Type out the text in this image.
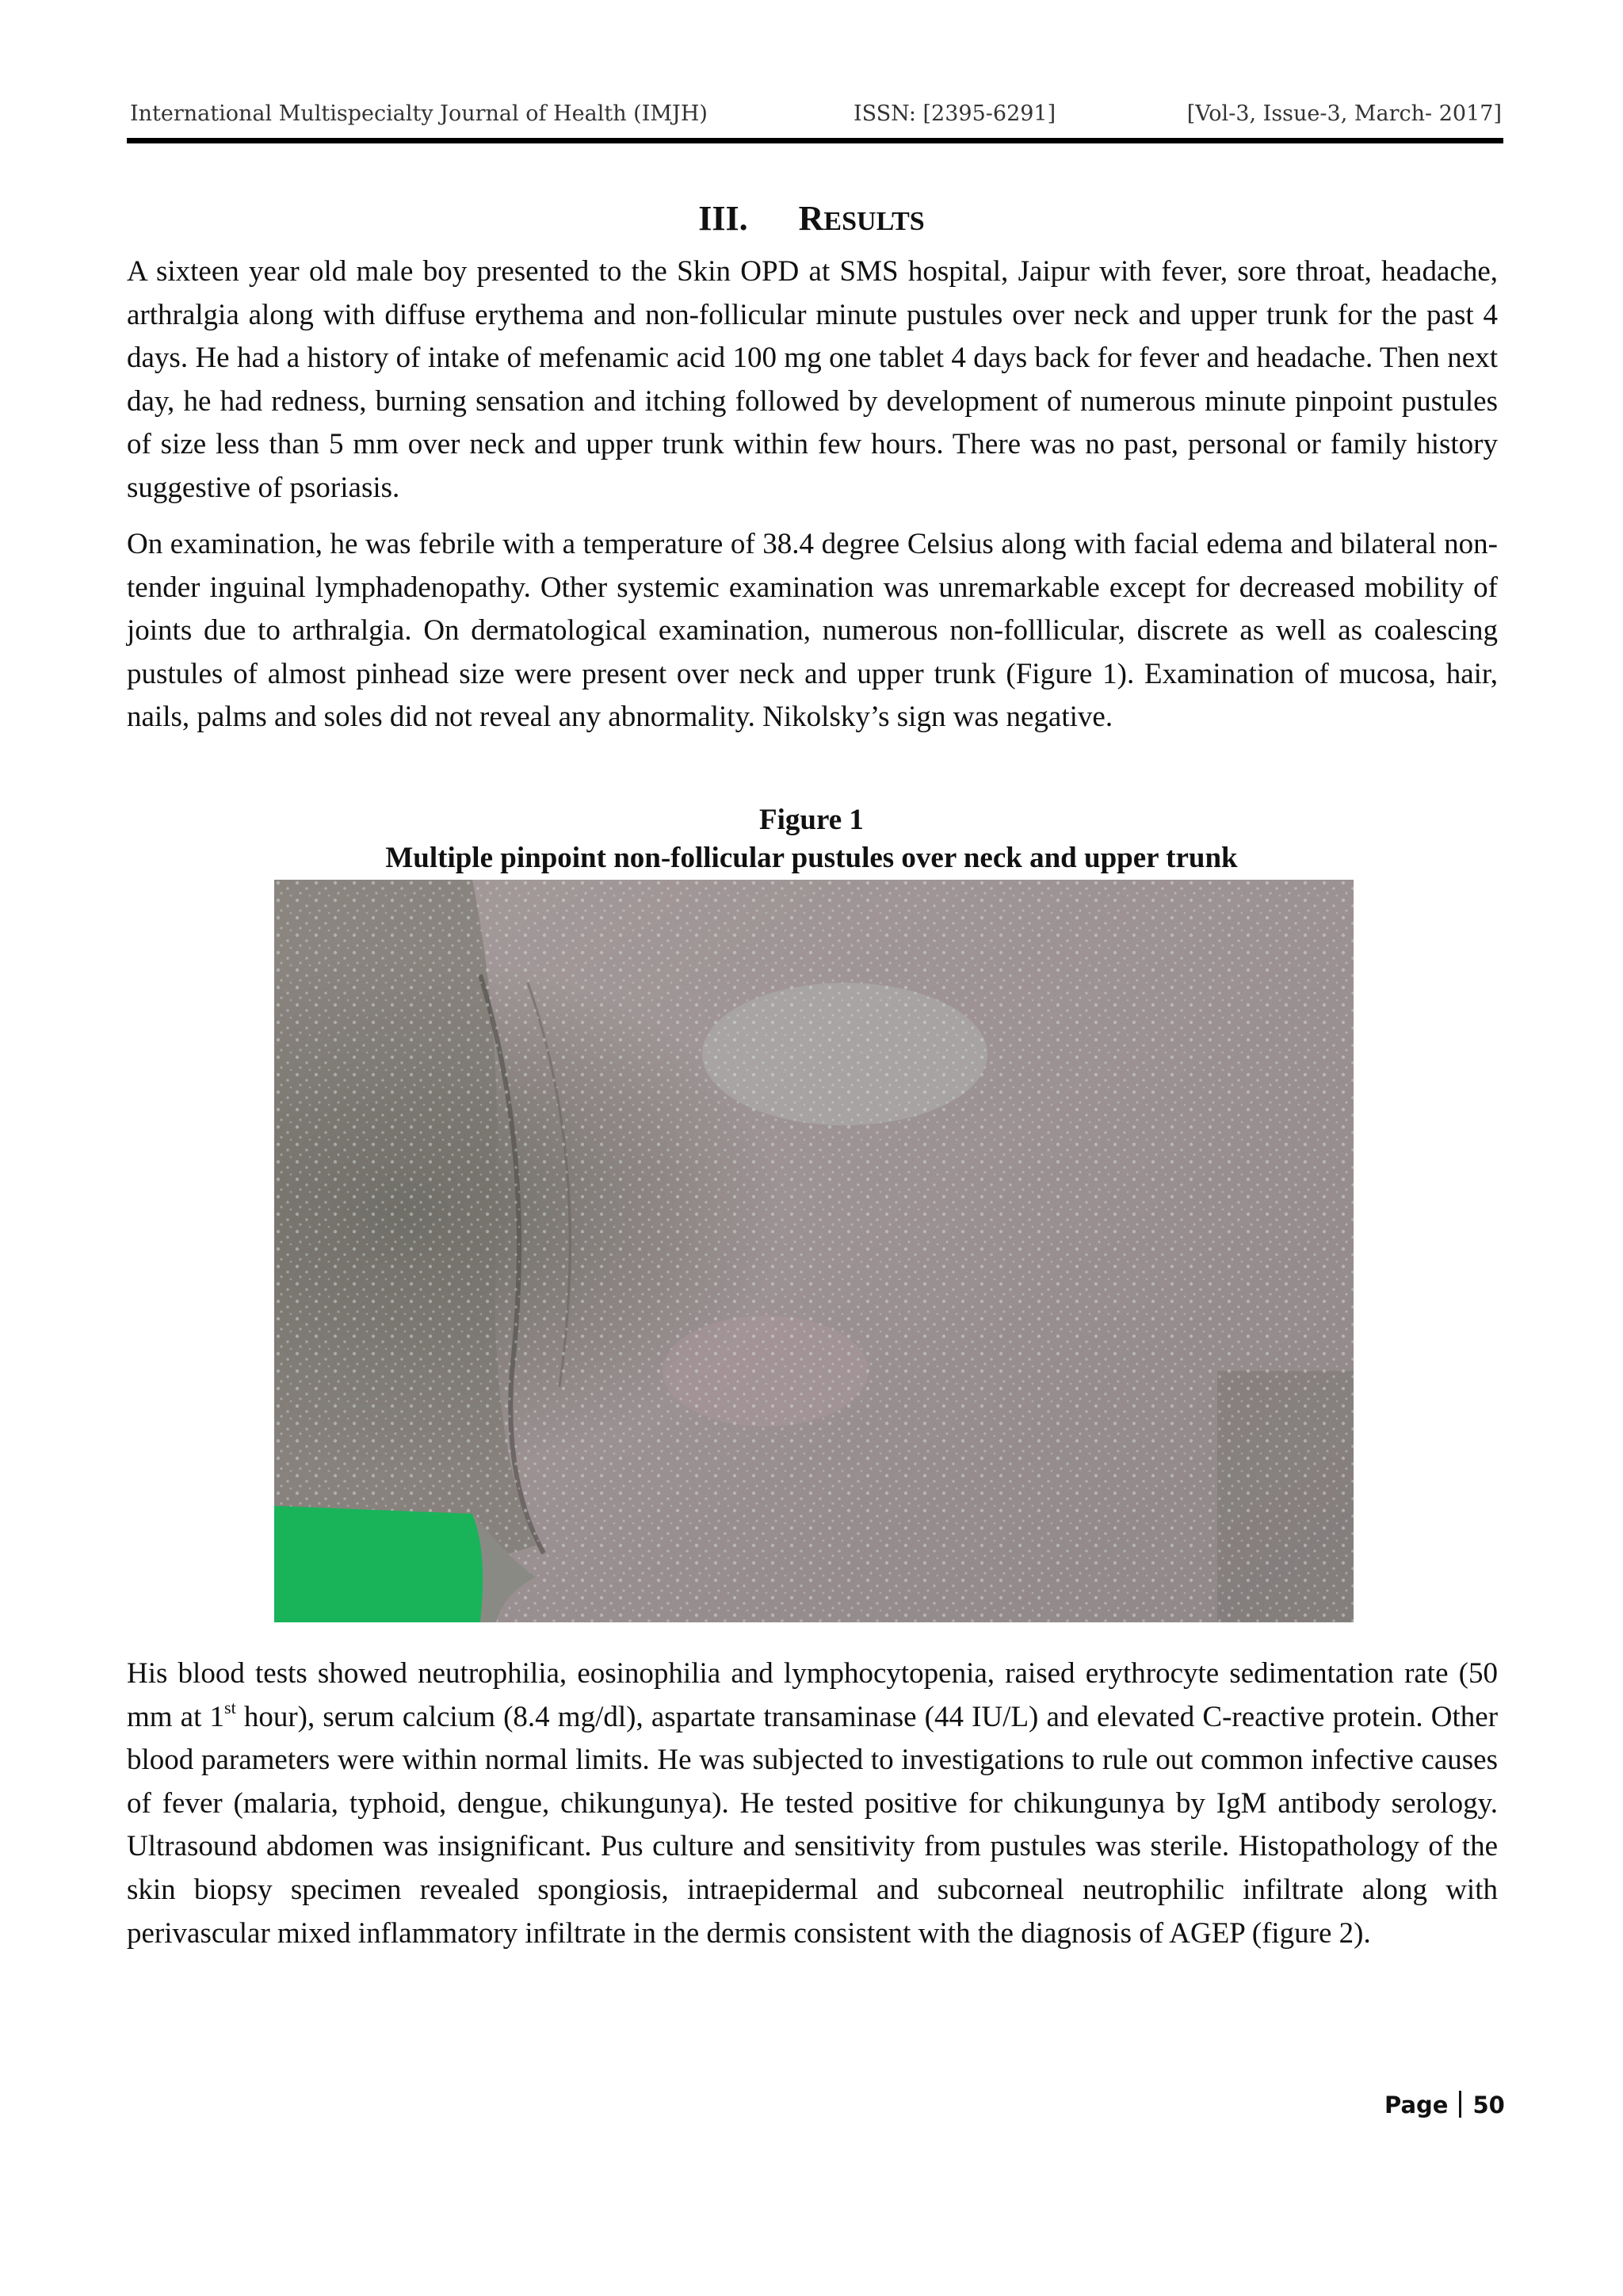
International Multispecialty Journal of Health (IMJH)	ISSN: [2395-6291]	[Vol-3, Issue-3, March- 2017]
III. RESULTS
A sixteen year old male boy presented to the Skin OPD at SMS hospital, Jaipur with fever, sore throat, headache, arthralgia along with diffuse erythema and non-follicular minute pustules over neck and upper trunk for the past 4 days. He had a history of intake of mefenamic acid 100 mg one tablet 4 days back for fever and headache. Then next day, he had redness, burning sensation and itching followed by development of numerous minute pinpoint pustules of size less than 5 mm over neck and upper trunk within few hours. There was no past, personal or family history suggestive of psoriasis.
On examination, he was febrile with a temperature of 38.4 degree Celsius along with facial edema and bilateral non-tender inguinal lymphadenopathy. Other systemic examination was unremarkable except for decreased mobility of joints due to arthralgia. On dermatological examination, numerous non-folllicular, discrete as well as coalescing pustules of almost pinhead size were present over neck and upper trunk (Figure 1). Examination of mucosa, hair, nails, palms and soles did not reveal any abnormality. Nikolsky’s sign was negative.
Figure 1
Multiple pinpoint non-follicular pustules over neck and upper trunk
His blood tests showed neutrophilia, eosinophilia and lymphocytopenia, raised erythrocyte sedimentation rate (50 mm at 1st hour), serum calcium (8.4 mg/dl), aspartate transaminase (44 IU/L) and elevated C-reactive protein. Other blood parameters were within normal limits. He was subjected to investigations to rule out common infective causes of fever (malaria, typhoid, dengue, chikungunya). He tested positive for chikungunya by IgM antibody serology. Ultrasound abdomen was insignificant. Pus culture and sensitivity from pustules was sterile. Histopathology of the skin biopsy specimen revealed spongiosis, intraepidermal and subcorneal neutrophilic infiltrate along with perivascular mixed inflammatory infiltrate in the dermis consistent with the diagnosis of AGEP (figure 2).
Page 50
